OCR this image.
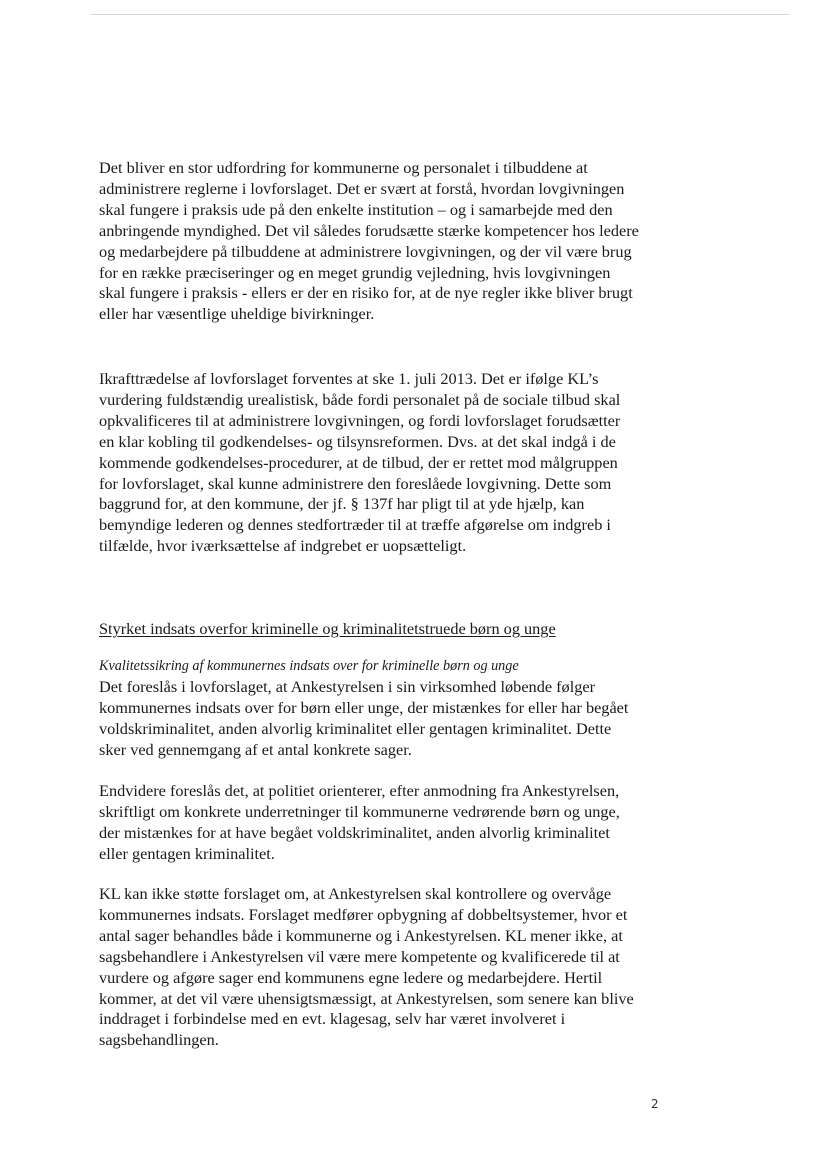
Det bliver en stor udfordring for kommunerne og personalet i tilbuddene at administrere reglerne i lovforslaget. Det er svært at forstå, hvordan lovgivningen skal fungere i praksis ude på den enkelte institution – og i samarbejde med den anbringende myndighed. Det vil således forudsætte stærke kompetencer hos ledere og medarbejdere på tilbuddene at administrere lovgivningen, og der vil være brug for en række præciseringer og en meget grundig vejledning, hvis lovgivningen skal fungere i praksis - ellers er der en risiko for, at de nye regler ikke bliver brugt eller har væsentlige uheldige bivirkninger.

Ikrafttrædelse af lovforslaget forventes at ske 1. juli 2013. Det er ifølge KL’s vurdering fuldstændig urealistisk, både fordi personalet på de sociale tilbud skal opkvalificeres til at administrere lovgivningen, og fordi lovforslaget forudsætter en klar kobling til godkendelses- og tilsynsreformen. Dvs. at det skal indgå i de kommende godkendelses-procedurer, at de tilbud, der er rettet mod målgruppen for lovforslaget, skal kunne administrere den foreslåede lovgivning. Dette som baggrund for, at den kommune, der jf. § 137f har pligt til at yde hjælp, kan bemyndige lederen og dennes stedfortræder til at træffe afgørelse om indgreb i tilfælde, hvor iværksættelse af indgrebet er uopsætteligt.

Styrket indsats overfor kriminelle og kriminalitetstruede børn og unge
Kvalitetssikring af kommunernes indsats over for kriminelle børn og unge

Det foreslås i lovforslaget, at Ankestyrelsen i sin virksomhed løbende følger kommunernes indsats over for børn eller unge, der mistænkes for eller har begået voldskriminalitet, anden alvorlig kriminalitet eller gentagen kriminalitet. Dette sker ved gennemgang af et antal konkrete sager.

Endvidere foreslås det, at politiet orienterer, efter anmodning fra Ankestyrelsen, skriftligt om konkrete underretninger til kommunerne vedrørende børn og unge, der mistænkes for at have begået voldskriminalitet, anden alvorlig kriminalitet eller gentagen kriminalitet.

KL kan ikke støtte forslaget om, at Ankestyrelsen skal kontrollere og overvåge kommunernes indsats. Forslaget medfører opbygning af dobbeltsystemer, hvor et antal sager behandles både i kommunerne og i Ankestyrelsen. KL mener ikke, at sagsbehandlere i Ankestyrelsen vil være mere kompetente og kvalificerede til at vurdere og afgøre sager end kommunens egne ledere og medarbejdere. Hertil kommer, at det vil være uhensigtsmæssigt, at Ankestyrelsen, som senere kan blive inddraget i forbindelse med en evt. klagesag, selv har været involveret i sagsbehandlingen.

2
